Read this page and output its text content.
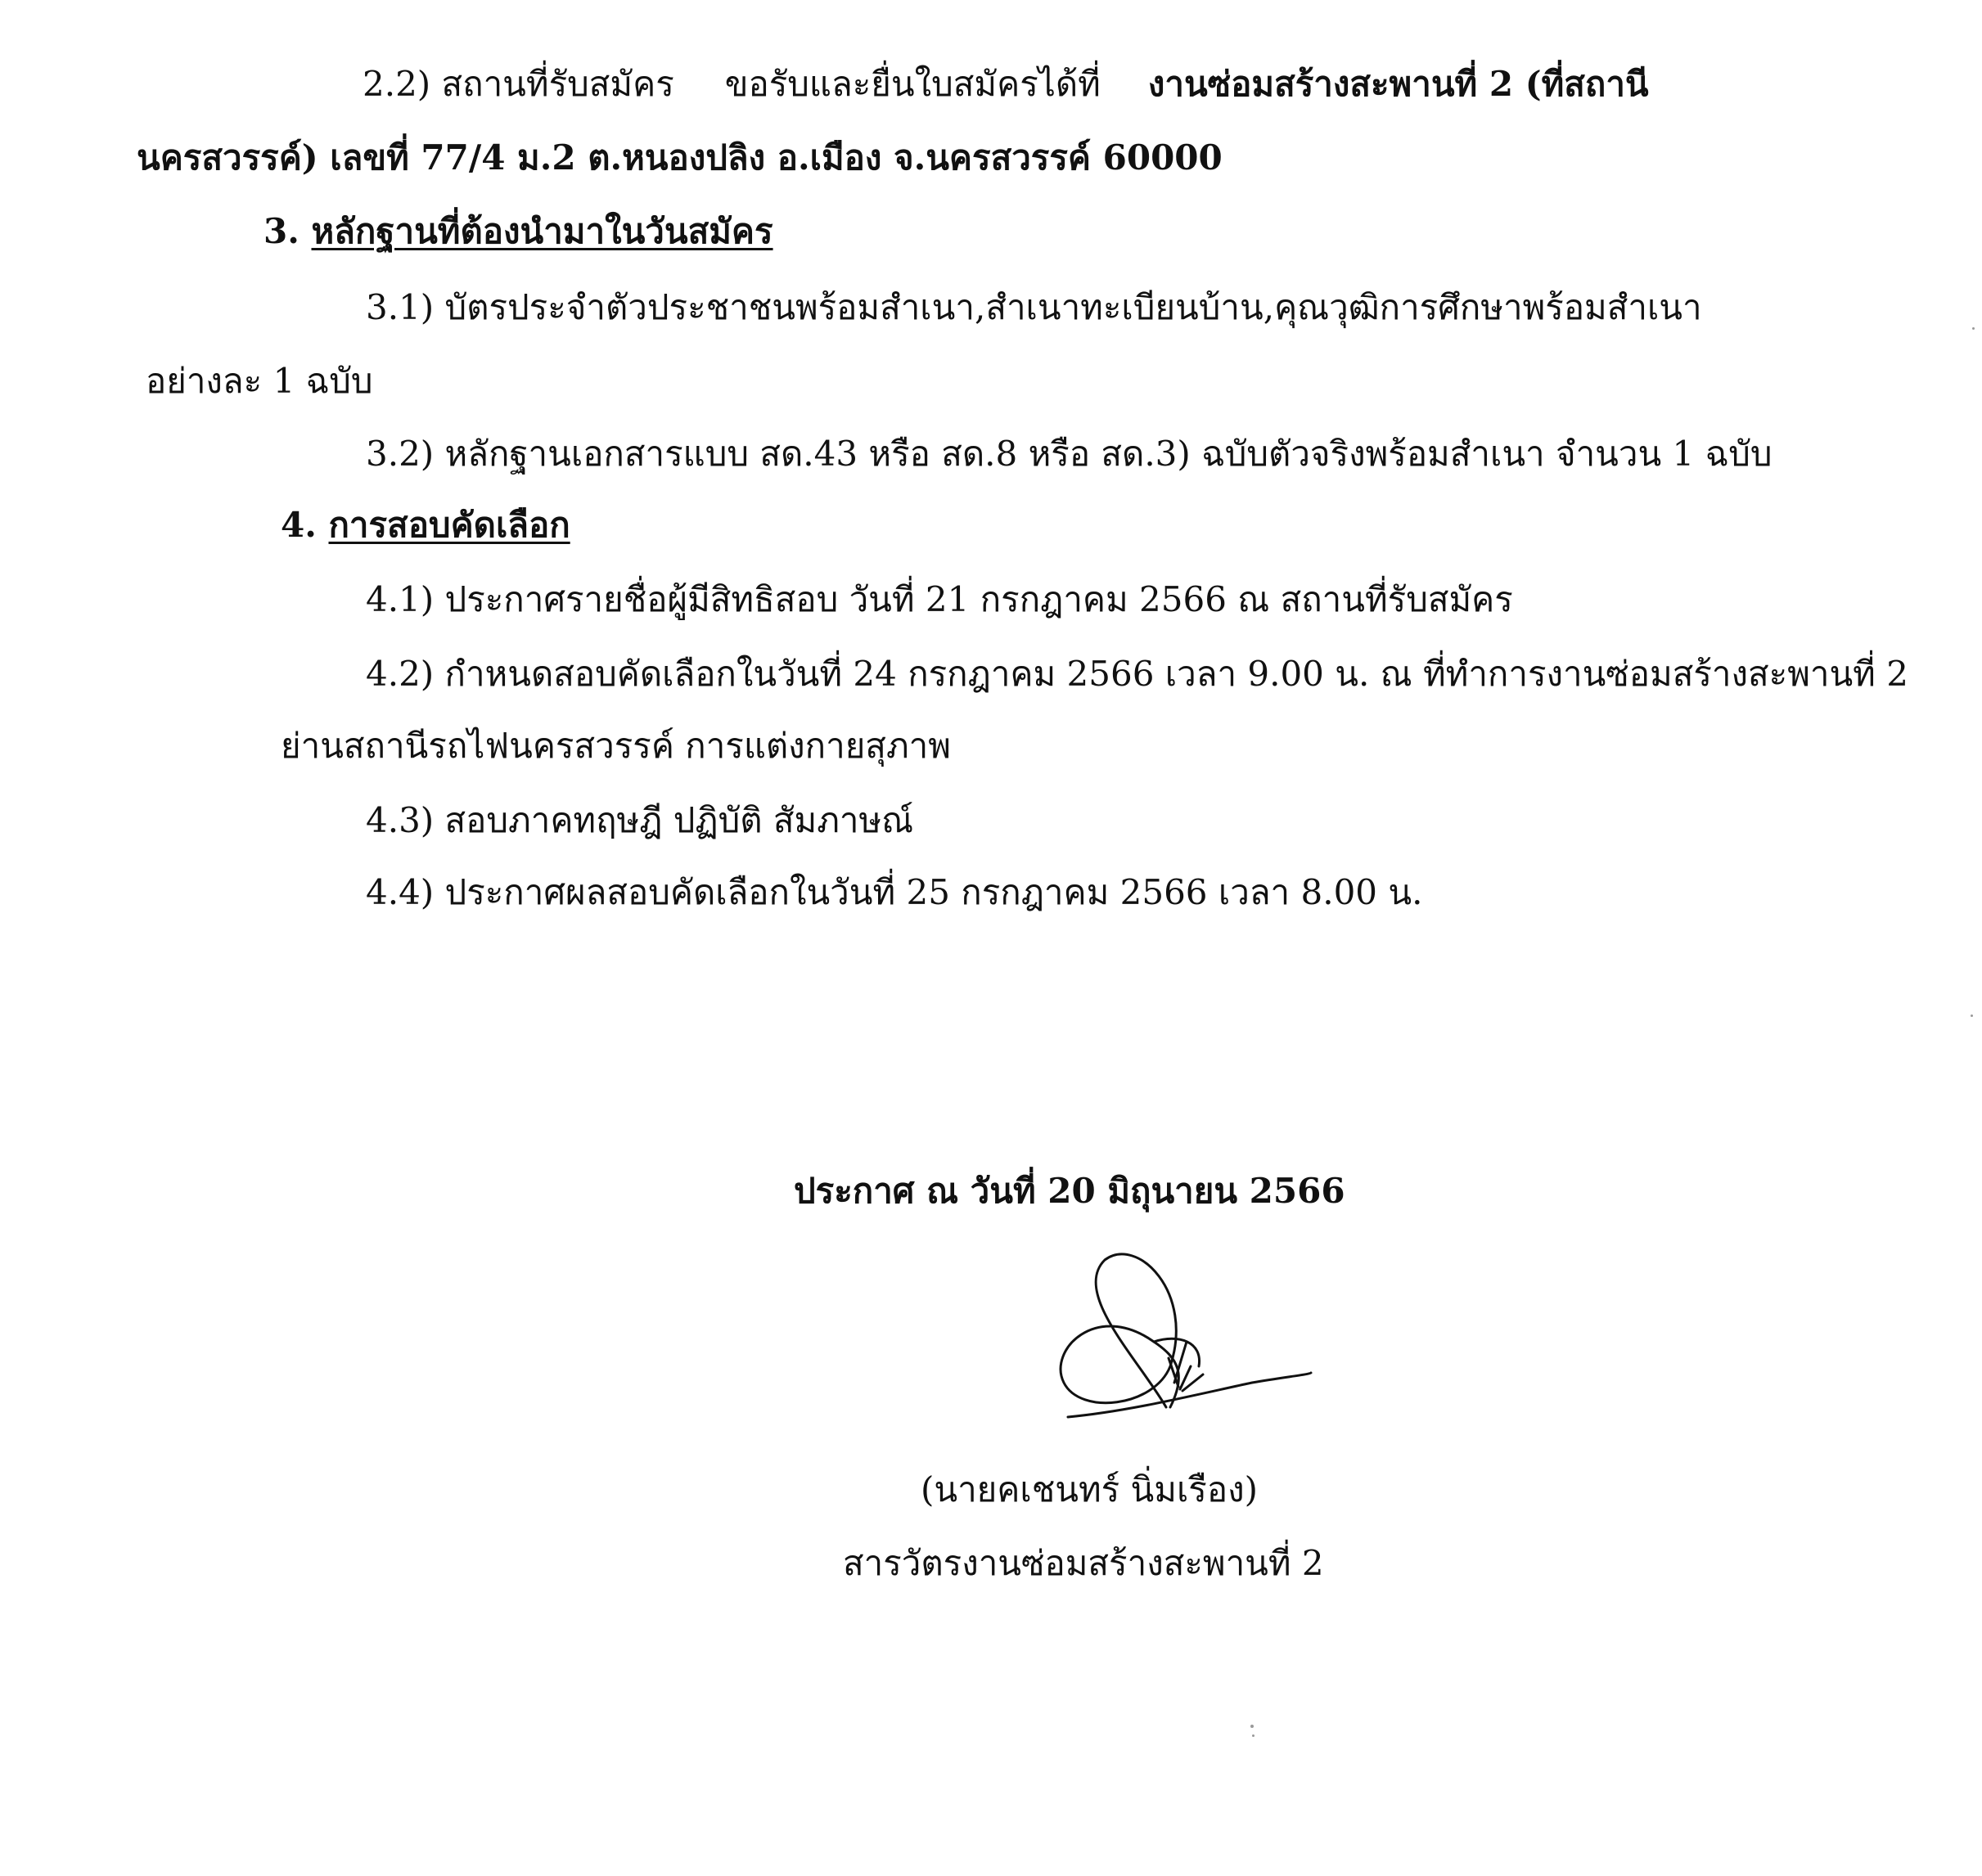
2.2) สถานที่รับสมัคร ขอรับและยื่นใบสมัครได้ที่ งานซ่อมสร้างสะพานที่ 2 (ที่สถานี
นครสวรรค์) เลขที่ 77/4 ม.2 ต.หนองปลิง อ.เมือง จ.นครสวรรค์ 60000
3. หลักฐานที่ต้องนำมาในวันสมัคร
3.1) บัตรประจำตัวประชาชนพร้อมสำเนา,สำเนาทะเบียนบ้าน,คุณวุฒิการศึกษาพร้อมสำเนา
อย่างละ 1 ฉบับ
3.2) หลักฐานเอกสารแบบ สด.43 หรือ สด.8 หรือ สด.3) ฉบับตัวจริงพร้อมสำเนา จำนวน 1 ฉบับ
4. การสอบคัดเลือก
4.1) ประกาศรายชื่อผู้มีสิทธิสอบ วันที่ 21 กรกฎาคม 2566 ณ สถานที่รับสมัคร
4.2) กำหนดสอบคัดเลือกในวันที่ 24 กรกฎาคม 2566 เวลา 9.00 น. ณ ที่ทำการงานซ่อมสร้างสะพานที่ 2
ย่านสถานีรถไฟนครสวรรค์ การแต่งกายสุภาพ
4.3) สอบภาคทฤษฎี ปฏิบัติ สัมภาษณ์
4.4) ประกาศผลสอบคัดเลือกในวันที่ 25 กรกฎาคม 2566 เวลา 8.00 น.
ประกาศ ณ วันที่ 20 มิถุนายน 2566
(นายคเชนทร์ นิ่มเรือง)
สารวัตรงานซ่อมสร้างสะพานที่ 2
